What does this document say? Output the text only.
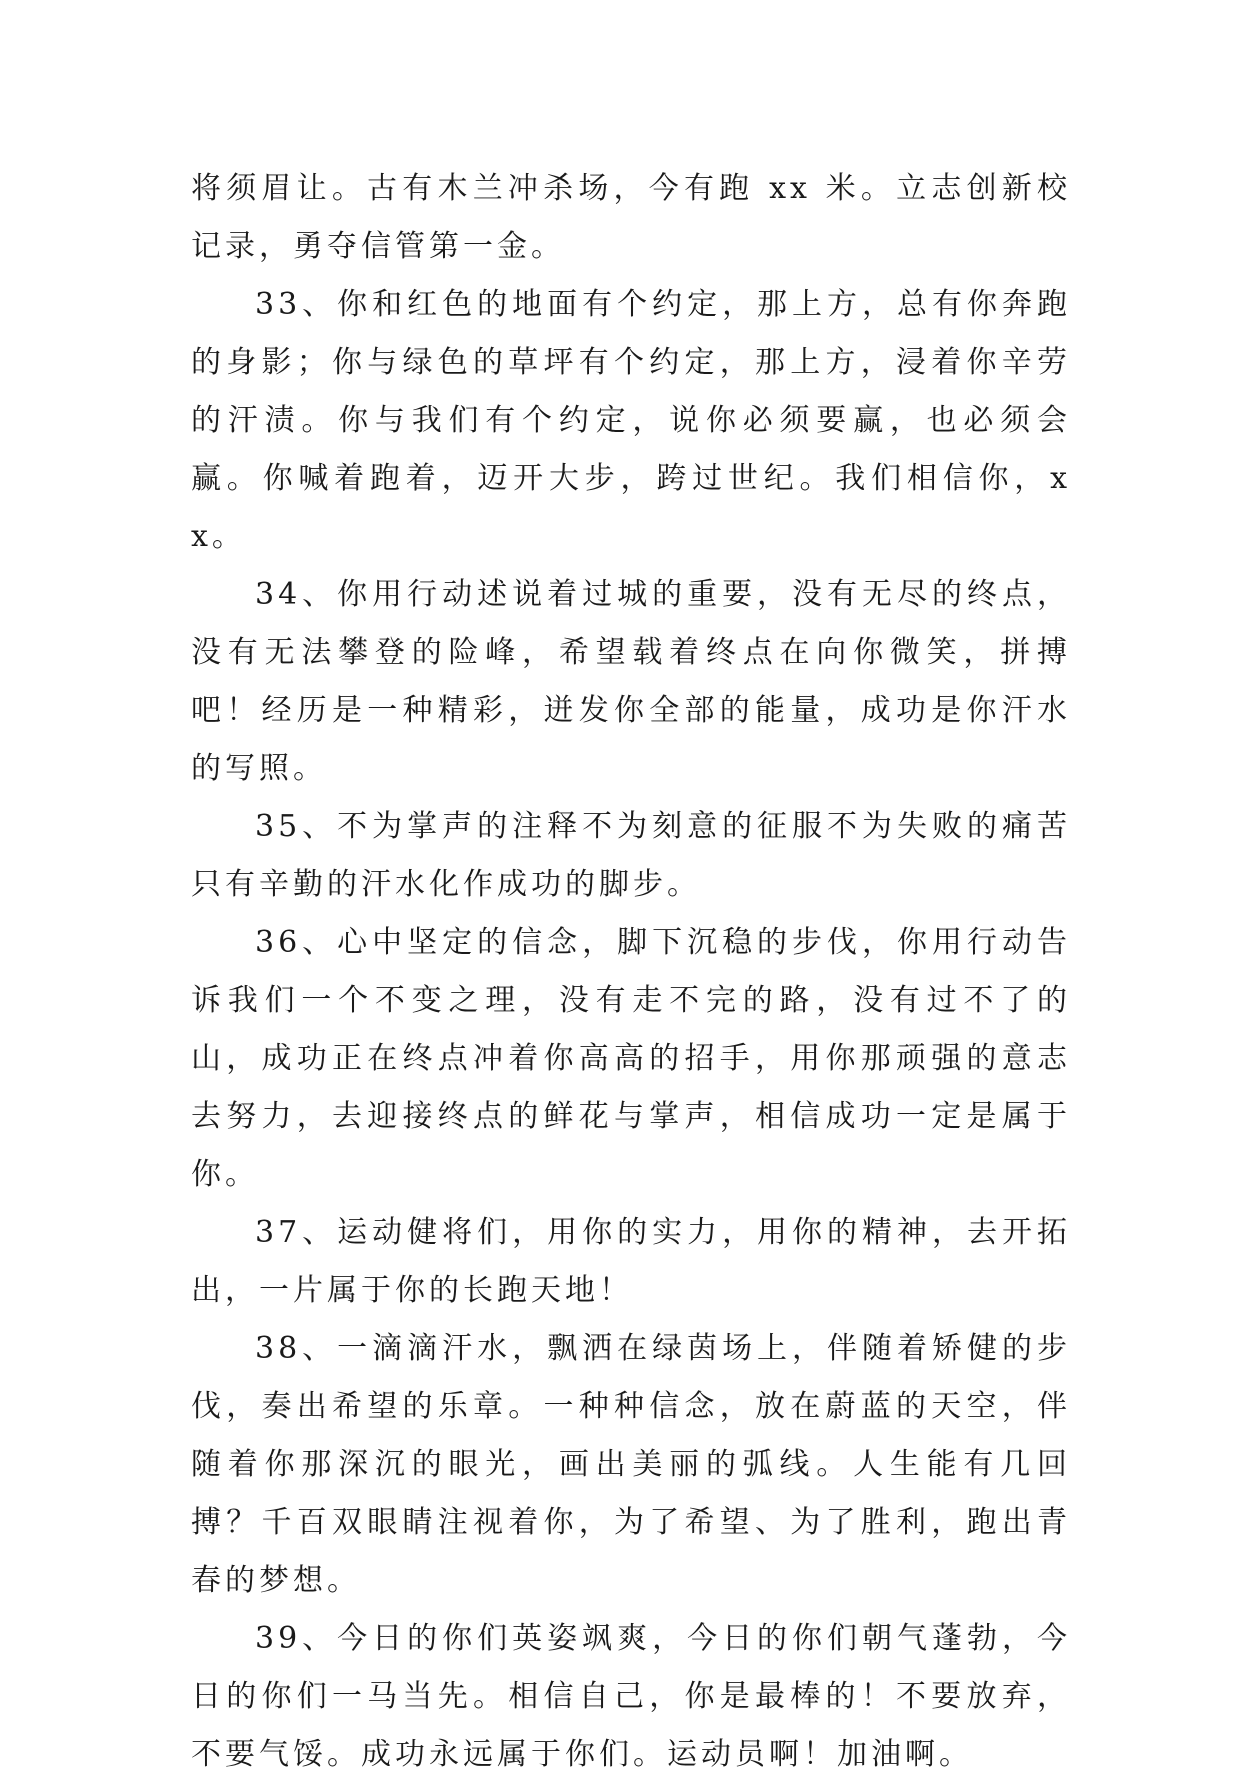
将须眉让。古有木兰冲杀场，今有跑 xx 米。立志创新校记录，勇夺信管第一金。

33、你和红色的地面有个约定，那上方，总有你奔跑的身影；你与绿色的草坪有个约定，那上方，浸着你辛劳的汗渍。你与我们有个约定，说你必须要赢，也必须会赢。你喊着跑着，迈开大步，跨过世纪。我们相信你，xx。

34、你用行动述说着过城的重要，没有无尽的终点，没有无法攀登的险峰，希望载着终点在向你微笑，拼搏吧！经历是一种精彩，迸发你全部的能量，成功是你汗水的写照。

35、不为掌声的注释不为刻意的征服不为失败的痛苦只有辛勤的汗水化作成功的脚步。

36、心中坚定的信念，脚下沉稳的步伐，你用行动告诉我们一个不变之理，没有走不完的路，没有过不了的山，成功正在终点冲着你高高的招手，用你那顽强的意志去努力，去迎接终点的鲜花与掌声，相信成功一定是属于你。

37、运动健将们，用你的实力，用你的精神，去开拓出，一片属于你的长跑天地！

38、一滴滴汗水，飘洒在绿茵场上，伴随着矫健的步伐，奏出希望的乐章。一种种信念，放在蔚蓝的天空，伴随着你那深沉的眼光，画出美丽的弧线。人生能有几回搏？千百双眼睛注视着你，为了希望、为了胜利，跑出青春的梦想。

39、今日的你们英姿飒爽，今日的你们朝气蓬勃，今日的你们一马当先。相信自己，你是最棒的！不要放弃，不要气馁。成功永远属于你们。运动员啊！加油啊。
